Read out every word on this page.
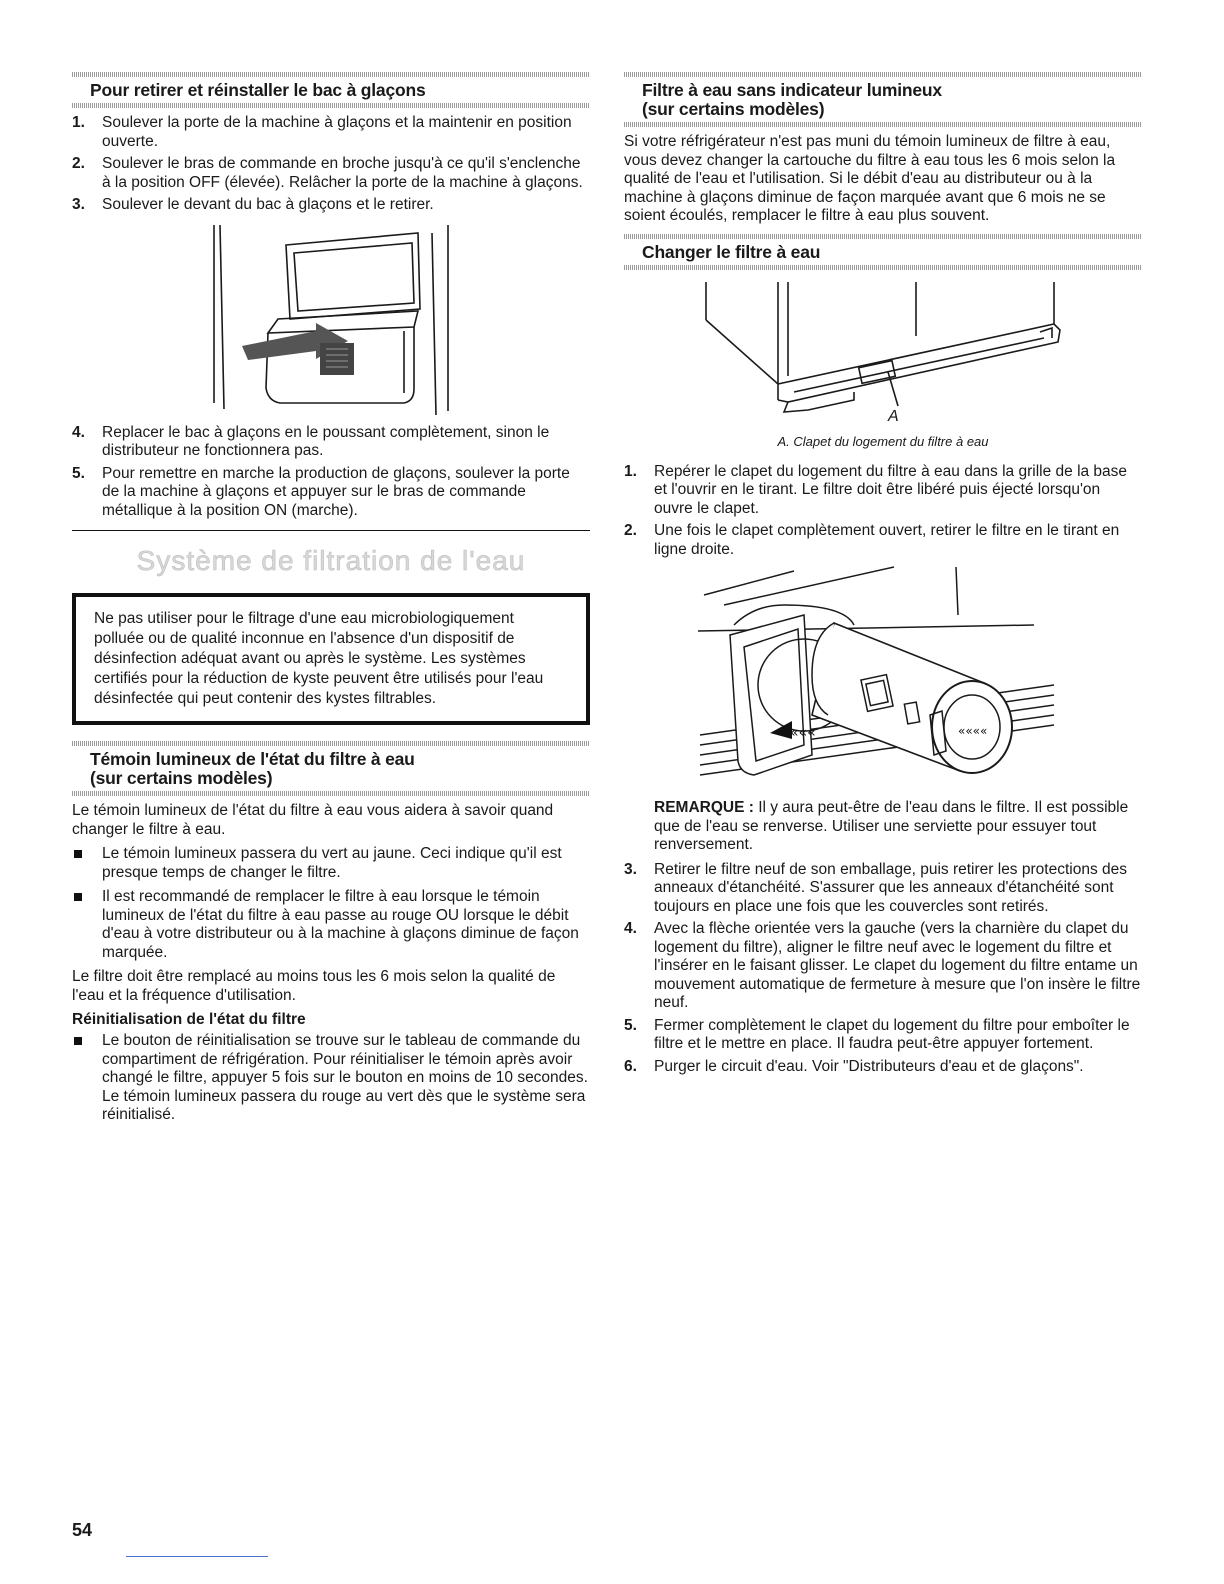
Pour retirer et réinstaller le bac à glaçons
1. Soulever la porte de la machine à glaçons et la maintenir en position ouverte.
2. Soulever le bras de commande en broche jusqu'à ce qu'il s'enclenche à la position OFF (élevée). Relâcher la porte de la machine à glaçons.
3. Soulever le devant du bac à glaçons et le retirer.
4. Replacer le bac à glaçons en le poussant complètement, sinon le distributeur ne fonctionnera pas.
5. Pour remettre en marche la production de glaçons, soulever la porte de la machine à glaçons et appuyer sur le bras de commande métallique à la position ON (marche).

Système de filtration de l'eau

Ne pas utiliser pour le filtrage d'une eau microbiologiquement polluée ou de qualité inconnue en l'absence d'un dispositif de désinfection adéquat avant ou après le système. Les systèmes certifiés pour la réduction de kyste peuvent être utilisés pour l'eau désinfectée qui peut contenir des kystes filtrables.
Témoin lumineux de l'état du filtre à eau
(sur certains modèles)

Le témoin lumineux de l'état du filtre à eau vous aidera à savoir quand changer le filtre à eau.

Le témoin lumineux passera du vert au jaune. Ceci indique qu'il est presque temps de changer le filtre.
Il est recommandé de remplacer le filtre à eau lorsque le témoin lumineux de l'état du filtre à eau passe au rouge OU lorsque le débit d'eau à votre distributeur ou à la machine à glaçons diminue de façon marquée.

Le filtre doit être remplacé au moins tous les 6 mois selon la qualité de l'eau et la fréquence d'utilisation.

Réinitialisation de l'état du filtre

Le bouton de réinitialisation se trouve sur le tableau de commande du compartiment de réfrigération. Pour réinitialiser le témoin après avoir changé le filtre, appuyer 5 fois sur le bouton en moins de 10 secondes. Le témoin lumineux passera du rouge au vert dès que le système sera réinitialisé.
Filtre à eau sans indicateur lumineux
(sur certains modèles)

Si votre réfrigérateur n'est pas muni du témoin lumineux de filtre à eau, vous devez changer la cartouche du filtre à eau tous les 6 mois selon la qualité de l'eau et l'utilisation. Si le débit d'eau au distributeur ou à la machine à glaçons diminue de façon marquée avant que 6 mois ne se soient écoulés, remplacer le filtre à eau plus souvent.

Changer le filtre à eau
A

A. Clapet du logement du filtre à eau

1. Repérer le clapet du logement du filtre à eau dans la grille de la base et l'ouvrir en le tirant. Le filtre doit être libéré puis éjecté lorsqu'on ouvre le clapet.
2. Une fois le clapet complètement ouvert, retirer le filtre en le tirant en ligne droite.
«««	««««

REMARQUE : Il y aura peut-être de l'eau dans le filtre. Il est possible que de l'eau se renverse. Utiliser une serviette pour essuyer tout renversement.

3. Retirer le filtre neuf de son emballage, puis retirer les protections des anneaux d'étanchéité. S'assurer que les anneaux d'étanchéité sont toujours en place une fois que les couvercles sont retirés.
4. Avec la flèche orientée vers la gauche (vers la charnière du clapet du logement du filtre), aligner le filtre neuf avec le logement du filtre et l'insérer en le faisant glisser. Le clapet du logement du filtre entame un mouvement automatique de fermeture à mesure que l'on insère le filtre neuf.
5. Fermer complètement le clapet du logement du filtre pour emboîter le filtre et le mettre en place. Il faudra peut-être appuyer fortement.
6. Purger le circuit d'eau. Voir "Distributeurs d'eau et de glaçons".
54
